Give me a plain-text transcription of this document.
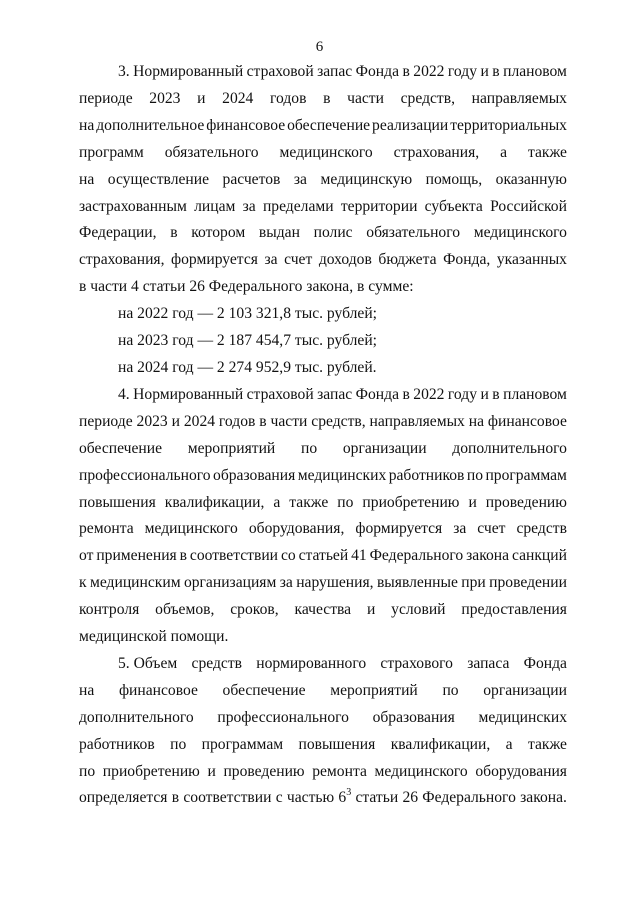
6
3. Нормированный страховой запас Фонда в 2022 году и в плановом
периоде 2023 и 2024 годов в части средств, направляемых
на дополнительное финансовое обеспечение реализации территориальных
программ обязательного медицинского страхования, а также
на осуществление расчетов за медицинскую помощь, оказанную
застрахованным лицам за пределами территории субъекта Российской
Федерации, в котором выдан полис обязательного медицинского
страхования, формируется за счет доходов бюджета Фонда, указанных
в части 4 статьи 26 Федерального закона, в сумме:
на 2022 год — 2 103 321,8 тыс. рублей;
на 2023 год — 2 187 454,7 тыс. рублей;
на 2024 год — 2 274 952,9 тыс. рублей.
4. Нормированный страховой запас Фонда в 2022 году и в плановом
периоде 2023 и 2024 годов в части средств, направляемых на финансовое
обеспечение мероприятий по организации дополнительного
профессионального образования медицинских работников по программам
повышения квалификации, а также по приобретению и проведению
ремонта медицинского оборудования, формируется за счет средств
от применения в соответствии со статьей 41 Федерального закона санкций
к медицинским организациям за нарушения, выявленные при проведении
контроля объемов, сроков, качества и условий предоставления
медицинской помощи.
5. Объем средств нормированного страхового запаса Фонда
на финансовое обеспечение мероприятий по организации
дополнительного профессионального образования медицинских
работников по программам повышения квалификации, а также
по приобретению и проведению ремонта медицинского оборудования
определяется в соответствии с частью $6^3$ статьи 26 Федерального закона.
